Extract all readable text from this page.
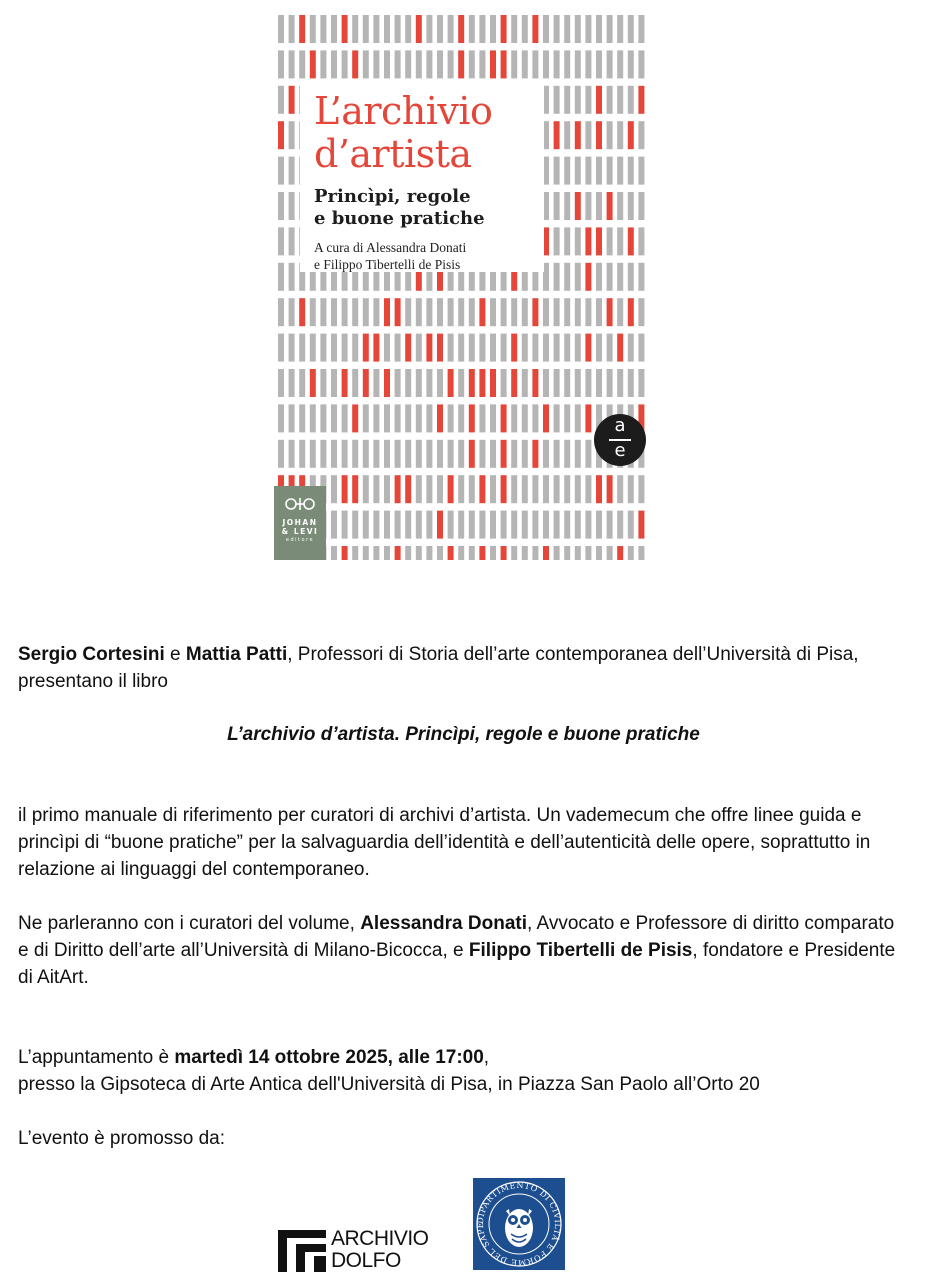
L’archivio
d’artista

Princìpi, regole
e buone pratiche

A cura di Alessandra Donati
e Filippo Tibertelli de Pisis

a
e
JOHAN
& LEVI
editore

Sergio Cortesini e Mattia Patti, Professori di Storia dell’arte contemporanea dell’Università di Pisa, presentano il libro

L’archivio d’artista. Princìpi, regole e buone pratiche

il primo manuale di riferimento per curatori di archivi d’artista. Un vademecum che offre linee guida e princìpi di “buone pratiche” per la salvaguardia dell’identità e dell’autenticità delle opere, soprattutto in relazione ai linguaggi del contemporaneo.

Ne parleranno con i curatori del volume, Alessandra Donati, Avvocato e Professore di diritto comparato e di Diritto dell’arte all’Università di Milano-Bicocca, e Filippo Tibertelli de Pisis, fondatore e Presidente di AitArt.

L’appuntamento è martedì 14 ottobre 2025, alle 17:00,
presso la Gipsoteca di Arte Antica dell'Università di Pisa, in Piazza San Paolo all’Orto 20

L’evento è promosso da:

ARCHIVIO
DOLFO
DIPARTIMENTO DI CIVILTÀ E FORME DEL SAPE
